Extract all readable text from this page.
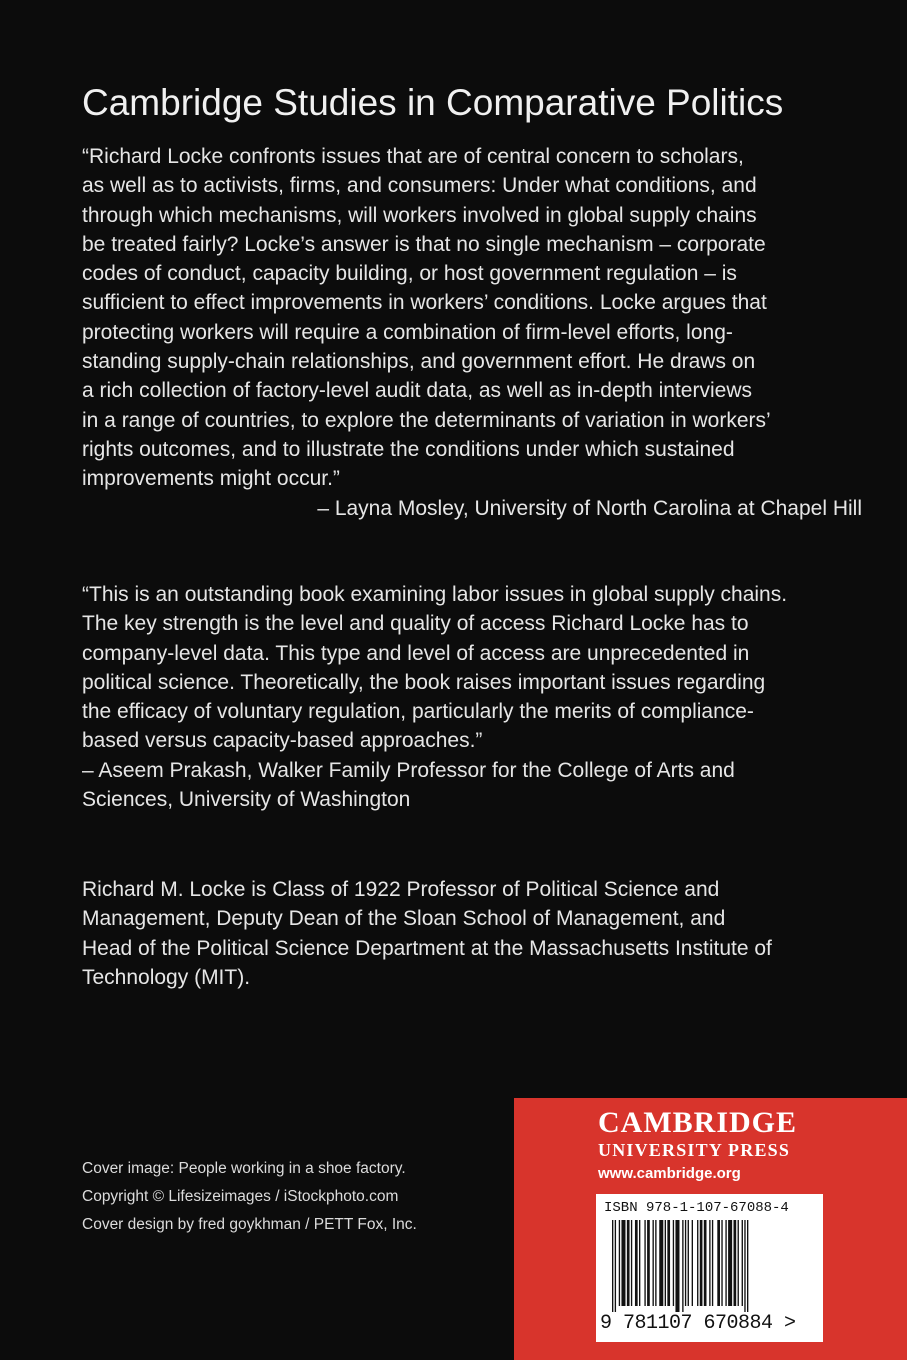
Cambridge Studies in Comparative Politics
“Richard Locke confronts issues that are of central concern to scholars,
as well as to activists, firms, and consumers: Under what conditions, and
through which mechanisms, will workers involved in global supply chains
be treated fairly? Locke’s answer is that no single mechanism – corporate
codes of conduct, capacity building, or host government regulation – is
sufficient to effect improvements in workers’ conditions. Locke argues that
protecting workers will require a combination of firm-level efforts, long-
standing supply-chain relationships, and government effort. He draws on
a rich collection of factory-level audit data, as well as in-depth interviews
in a range of countries, to explore the determinants of variation in workers’
rights outcomes, and to illustrate the conditions under which sustained
improvements might occur.”
– Layna Mosley, University of North Carolina at Chapel Hill
“This is an outstanding book examining labor issues in global supply chains.
The key strength is the level and quality of access Richard Locke has to
company-level data. This type and level of access are unprecedented in
political science. Theoretically, the book raises important issues regarding
the efficacy of voluntary regulation, particularly the merits of compliance-
based versus capacity-based approaches.”
– Aseem Prakash, Walker Family Professor for the College of Arts and
Sciences, University of Washington
Richard M. Locke is Class of 1922 Professor of Political Science and
Management, Deputy Dean of the Sloan School of Management, and
Head of the Political Science Department at the Massachusetts Institute of
Technology (MIT).
Cover image: People working in a shoe factory.
Copyright © Lifesizeimages / iStockphoto.com
Cover design by fred goykhman / PETT Fox, Inc.
CAMBRIDGE
UNIVERSITY PRESS
www.cambridge.org
ISBN 978-1-107-67088-4
9 781107 670884 >
